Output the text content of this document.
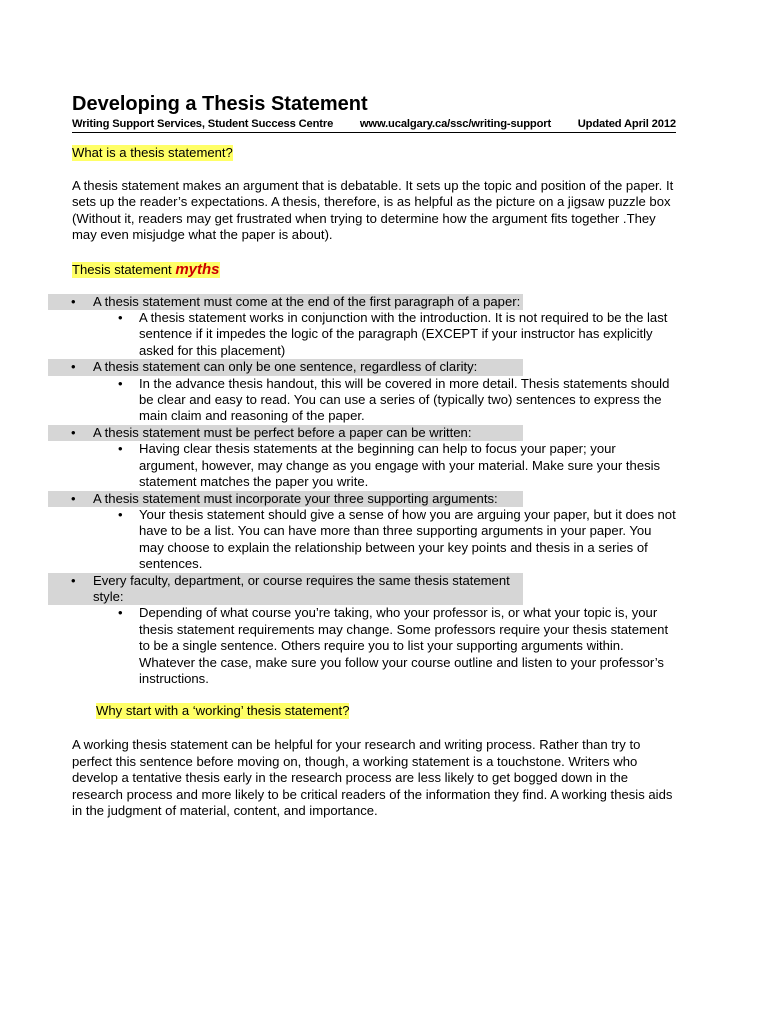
Developing a Thesis Statement
Writing Support Services, Student Success Centre www.ucalgary.ca/ssc/writing-support Updated April 2012
What is a thesis statement?

A thesis statement makes an argument that is debatable. It sets up the topic and position of the paper. It sets up the reader’s expectations. A thesis, therefore, is as helpful as the picture on a jigsaw puzzle box (Without it, readers may get frustrated when trying to determine how the argument fits together .They may even misjudge what the paper is about).

Thesis statement myths
• A thesis statement must come at the end of the first paragraph of a paper:
• A thesis statement works in conjunction with the introduction. It is not required to be the last sentence if it impedes the logic of the paragraph (EXCEPT if your instructor has explicitly asked for this placement)
• A thesis statement can only be one sentence, regardless of clarity:
• In the advance thesis handout, this will be covered in more detail. Thesis statements should be clear and easy to read. You can use a series of (typically two) sentences to express the main claim and reasoning of the paper.
• A thesis statement must be perfect before a paper can be written:
• Having clear thesis statements at the beginning can help to focus your paper; your argument, however, may change as you engage with your material. Make sure your thesis statement matches the paper you write.
• A thesis statement must incorporate your three supporting arguments:
• Your thesis statement should give a sense of how you are arguing your paper, but it does not have to be a list. You can have more than three supporting arguments in your paper. You may choose to explain the relationship between your key points and thesis in a series of sentences.
• Every faculty, department, or course requires the same thesis statement style:
• Depending of what course you’re taking, who your professor is, or what your topic is, your thesis statement requirements may change. Some professors require your thesis statement to be a single sentence. Others require you to list your supporting arguments within. Whatever the case, make sure you follow your course outline and listen to your professor’s instructions.
Why start with a ‘working’ thesis statement?

A working thesis statement can be helpful for your research and writing process. Rather than try to perfect this sentence before moving on, though, a working statement is a touchstone. Writers who develop a tentative thesis early in the research process are less likely to get bogged down in the research process and more likely to be critical readers of the information they find. A working thesis aids in the judgment of material, content, and importance.
